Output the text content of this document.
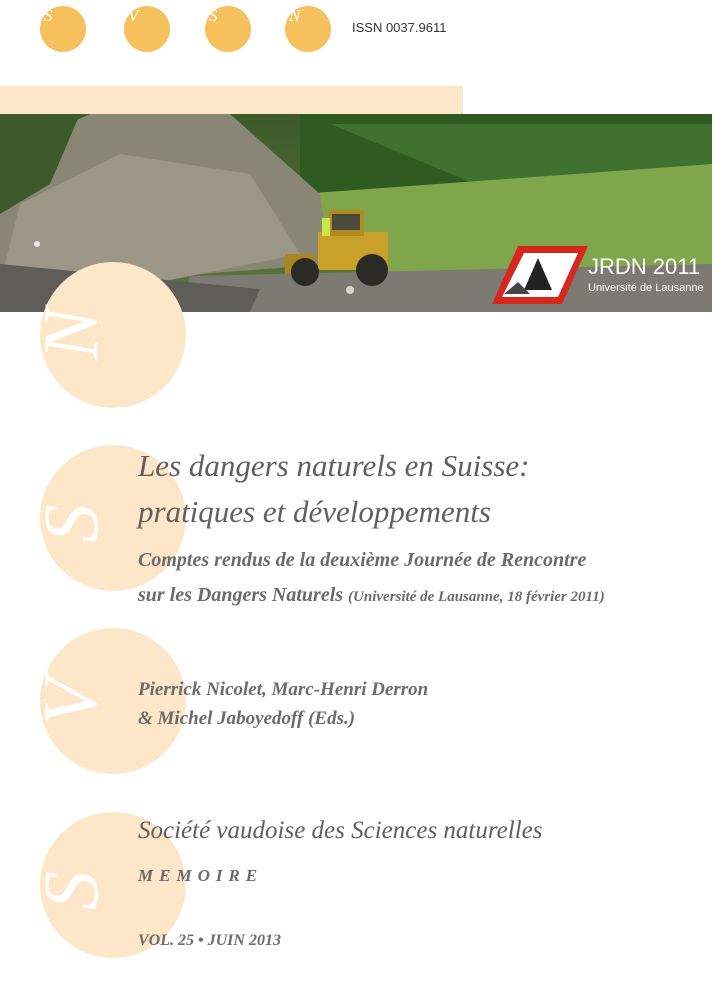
S	V	S	N
ISSN 0037.9611
JRDN 2011
Université de Lausanne
N
S
V
S
Les dangers naturels en Suisse:
pratiques et développements
Comptes rendus de la deuxième Journée de Rencontre
sur les Dangers Naturels (Université de Lausanne, 18 février 2011)
Pierrick Nicolet, Marc-Henri Derron
& Michel Jaboyedoff (Eds.)
Société vaudoise des Sciences naturelles
MEMOIRE
VOL. 25 • JUIN 2013
